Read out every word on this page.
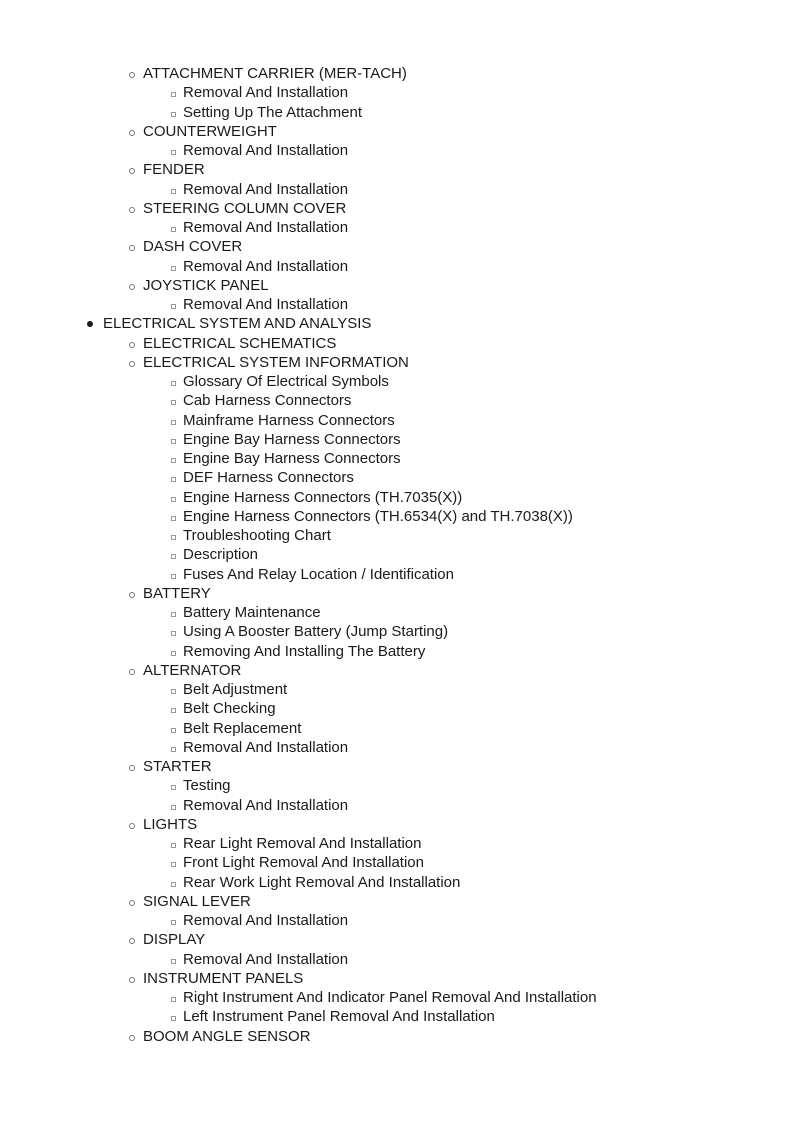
ATTACHMENT CARRIER (MER-TACH)
Removal And Installation
Setting Up The Attachment
COUNTERWEIGHT
Removal And Installation
FENDER
Removal And Installation
STEERING COLUMN COVER
Removal And Installation
DASH COVER
Removal And Installation
JOYSTICK PANEL
Removal And Installation
ELECTRICAL SYSTEM AND ANALYSIS
ELECTRICAL SCHEMATICS
ELECTRICAL SYSTEM INFORMATION
Glossary Of Electrical Symbols
Cab Harness Connectors
Mainframe Harness Connectors
Engine Bay Harness Connectors
Engine Bay Harness Connectors
DEF Harness Connectors
Engine Harness Connectors (TH.7035(X))
Engine Harness Connectors (TH.6534(X) and TH.7038(X))
Troubleshooting Chart
Description
Fuses And Relay Location / Identification
BATTERY
Battery Maintenance
Using A Booster Battery (Jump Starting)
Removing And Installing The Battery
ALTERNATOR
Belt Adjustment
Belt Checking
Belt Replacement
Removal And Installation
STARTER
Testing
Removal And Installation
LIGHTS
Rear Light Removal And Installation
Front Light Removal And Installation
Rear Work Light Removal And Installation
SIGNAL LEVER
Removal And Installation
DISPLAY
Removal And Installation
INSTRUMENT PANELS
Right Instrument And Indicator Panel Removal And Installation
Left Instrument Panel Removal And Installation
BOOM ANGLE SENSOR
